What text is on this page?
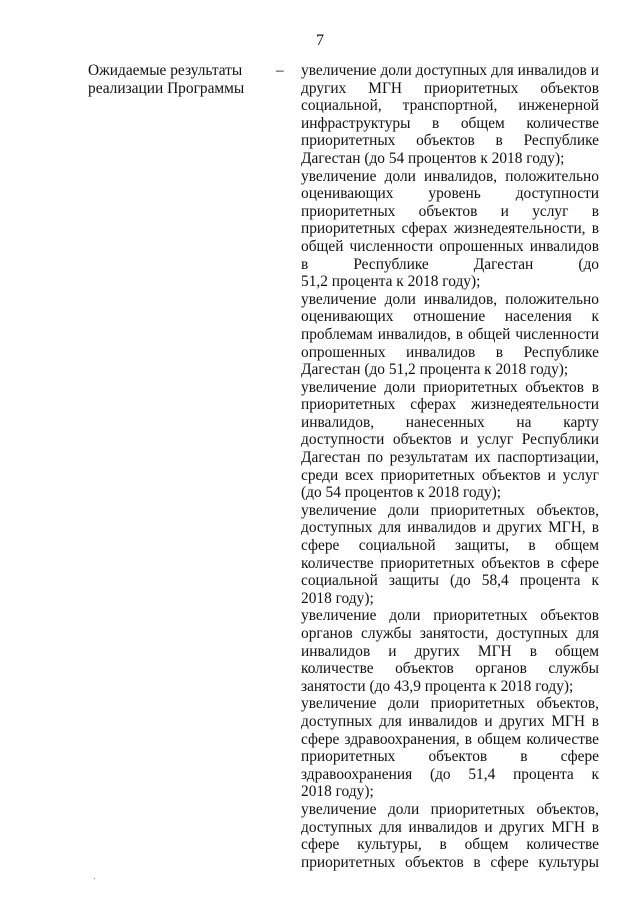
7
Ожидаемые результаты
реализации Программы
– увеличение доли доступных для инвалидов и
других МГН приоритетных объектов
социальной, транспортной, инженерной
инфраструктуры в общем количестве
приоритетных объектов в Республике
Дагестан (до 54 процентов к 2018 году);
увеличение доли инвалидов, положительно
оценивающих уровень доступности
приоритетных объектов и услуг в
приоритетных сферах жизнедеятельности, в
общей численности опрошенных инвалидов
в Республике Дагестан (до
51,2 процента к 2018 году);
увеличение доли инвалидов, положительно
оценивающих отношение населения к
проблемам инвалидов, в общей численности
опрошенных инвалидов в Республике
Дагестан (до 51,2 процента к 2018 году);
увеличение доли приоритетных объектов в
приоритетных сферах жизнедеятельности
инвалидов, нанесенных на карту
доступности объектов и услуг Республики
Дагестан по результатам их паспортизации,
среди всех приоритетных объектов и услуг
(до 54 процентов к 2018 году);
увеличение доли приоритетных объектов,
доступных для инвалидов и других МГН, в
сфере социальной защиты, в общем
количестве приоритетных объектов в сфере
социальной защиты (до 58,4 процента к
2018 году);
увеличение доли приоритетных объектов
органов службы занятости, доступных для
инвалидов и других МГН в общем
количестве объектов органов службы
занятости (до 43,9 процента к 2018 году);
увеличение доли приоритетных объектов,
доступных для инвалидов и других МГН в
сфере здравоохранения, в общем количестве
приоритетных объектов в сфере
здравоохранения (до 51,4 процента к
2018 году);
увеличение доли приоритетных объектов,
доступных для инвалидов и других МГН в
сфере культуры, в общем количестве
приоритетных объектов в сфере культуры
